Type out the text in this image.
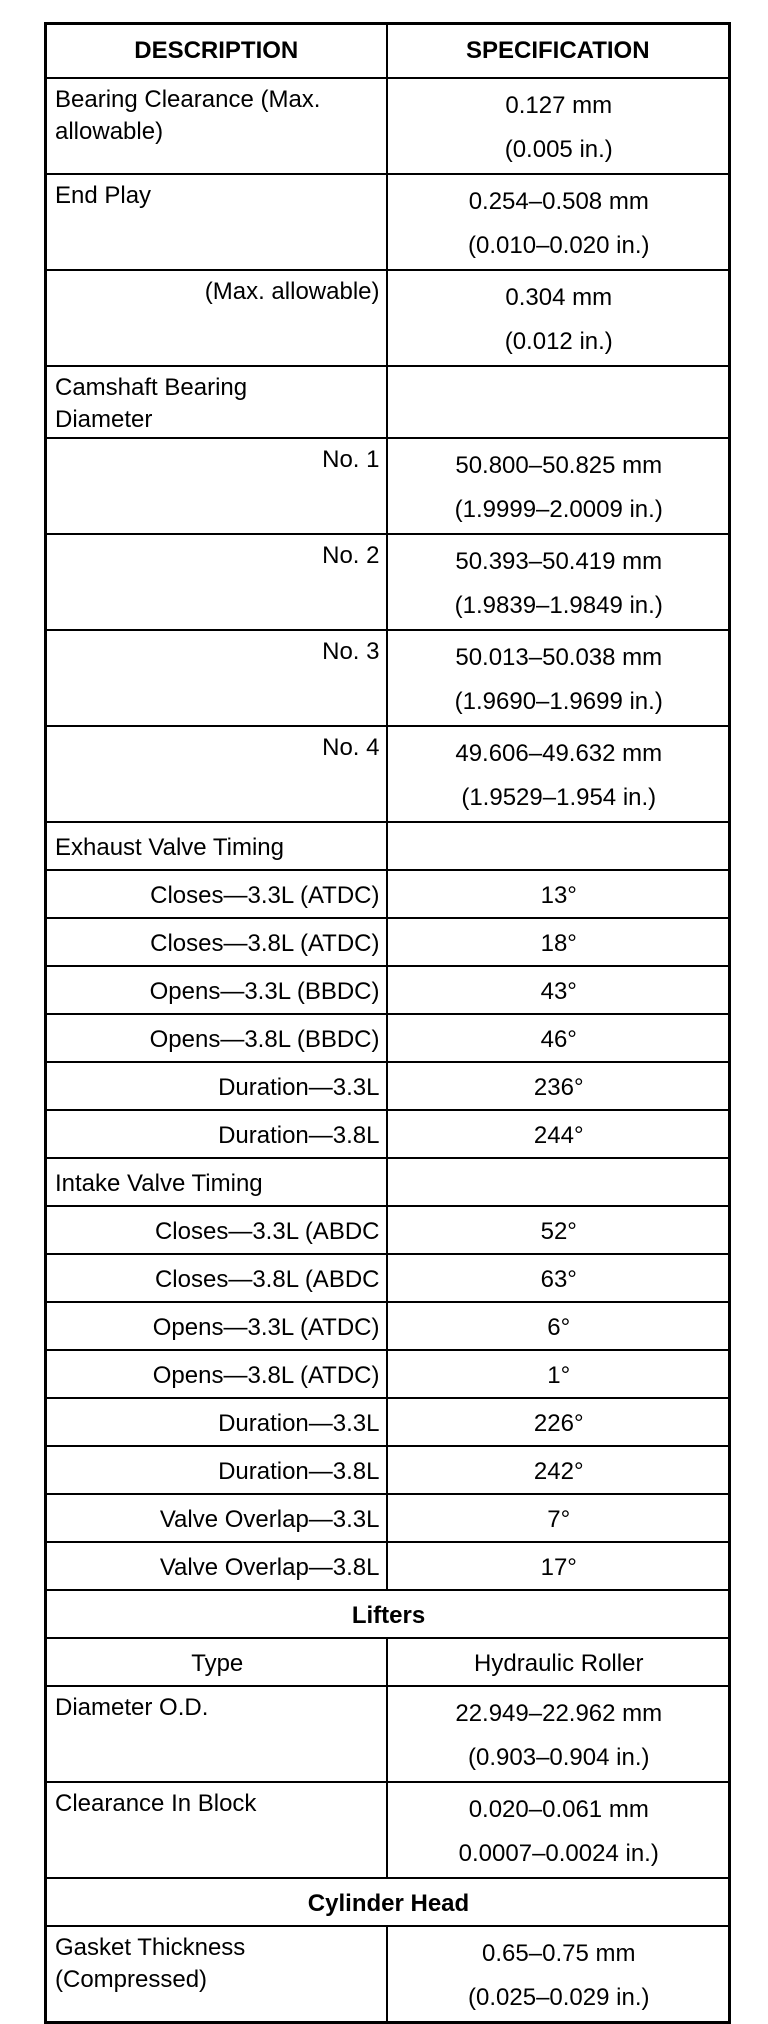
DESCRIPTION	SPECIFICATION

Bearing Clearance (Max.
allowable)	0.127 mm
(0.005 in.)

End Play	0.254–0.508 mm
(0.010–0.020 in.)

(Max. allowable)	0.304 mm
(0.012 in.)

Camshaft Bearing
Diameter	

No. 1	50.800–50.825 mm
(1.9999–2.0009 in.)

No. 2	50.393–50.419 mm
(1.9839–1.9849 in.)

No. 3	50.013–50.038 mm
(1.9690–1.9699 in.)

No. 4	49.606–49.632 mm
(1.9529–1.954 in.)

Exhaust Valve Timing	

Closes—3.3L (ATDC)	13°

Closes—3.8L (ATDC)	18°

Opens—3.3L (BBDC)	43°

Opens—3.8L (BBDC)	46°

Duration—3.3L	236°

Duration—3.8L	244°

Intake Valve Timing	

Closes—3.3L (ABDC	52°

Closes—3.8L (ABDC	63°

Opens—3.3L (ATDC)	6°

Opens—3.8L (ATDC)	1°

Duration—3.3L	226°

Duration—3.8L	242°

Valve Overlap—3.3L	7°

Valve Overlap—3.8L	17°

Lifters	

Type	Hydraulic Roller

Diameter O.D.	22.949–22.962 mm
(0.903–0.904 in.)

Clearance In Block	0.020–0.061 mm
0.0007–0.0024 in.)

Cylinder Head	

Gasket Thickness
(Compressed)	0.65–0.75 mm
(0.025–0.029 in.)
